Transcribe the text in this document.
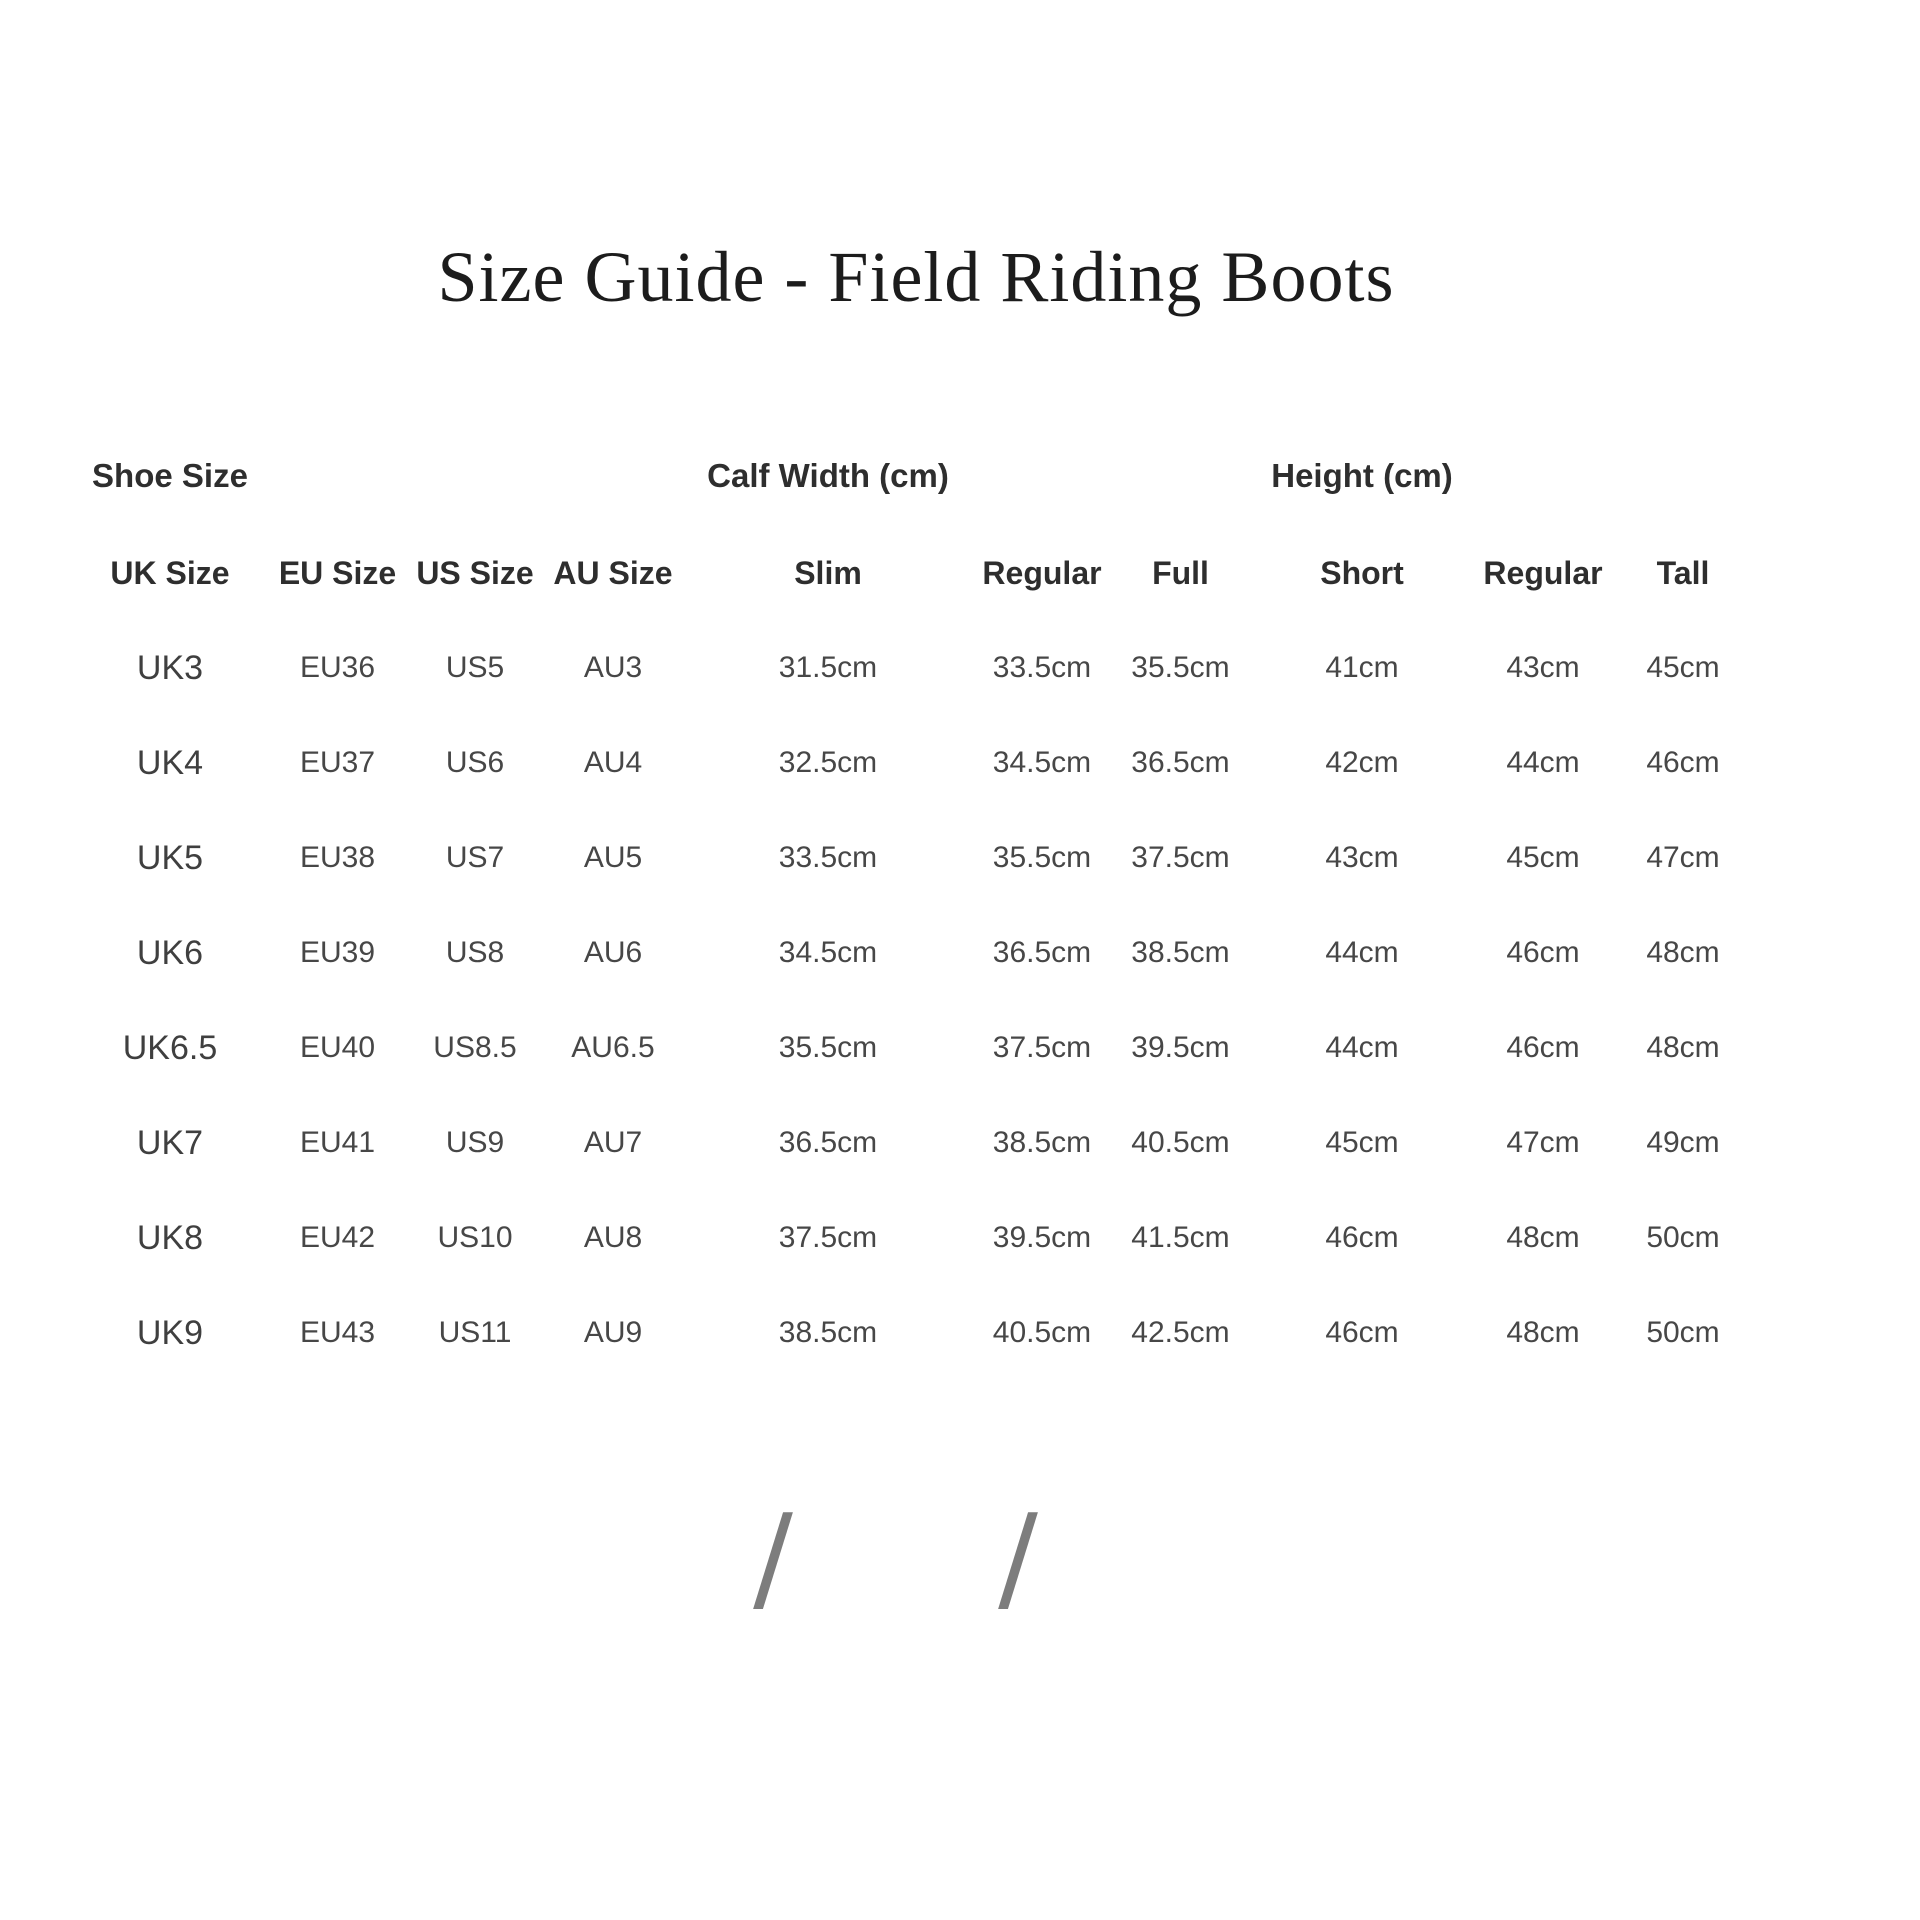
Size Guide - Field Riding Boots
Shoe Size				Calf Width (cm)			Height (cm)		
UK Size	EU Size	US Size	AU Size	Slim	Regular	Full	Short	Regular	Tall
UK3	EU36	US5	AU3	31.5cm	33.5cm	35.5cm	41cm	43cm	45cm
UK4	EU37	US6	AU4	32.5cm	34.5cm	36.5cm	42cm	44cm	46cm
UK5	EU38	US7	AU5	33.5cm	35.5cm	37.5cm	43cm	45cm	47cm
UK6	EU39	US8	AU6	34.5cm	36.5cm	38.5cm	44cm	46cm	48cm
UK6.5	EU40	US8.5	AU6.5	35.5cm	37.5cm	39.5cm	44cm	46cm	48cm
UK7	EU41	US9	AU7	36.5cm	38.5cm	40.5cm	45cm	47cm	49cm
UK8	EU42	US10	AU8	37.5cm	39.5cm	41.5cm	46cm	48cm	50cm
UK9	EU43	US11	AU9	38.5cm	40.5cm	42.5cm	46cm	48cm	50cm
/ /
